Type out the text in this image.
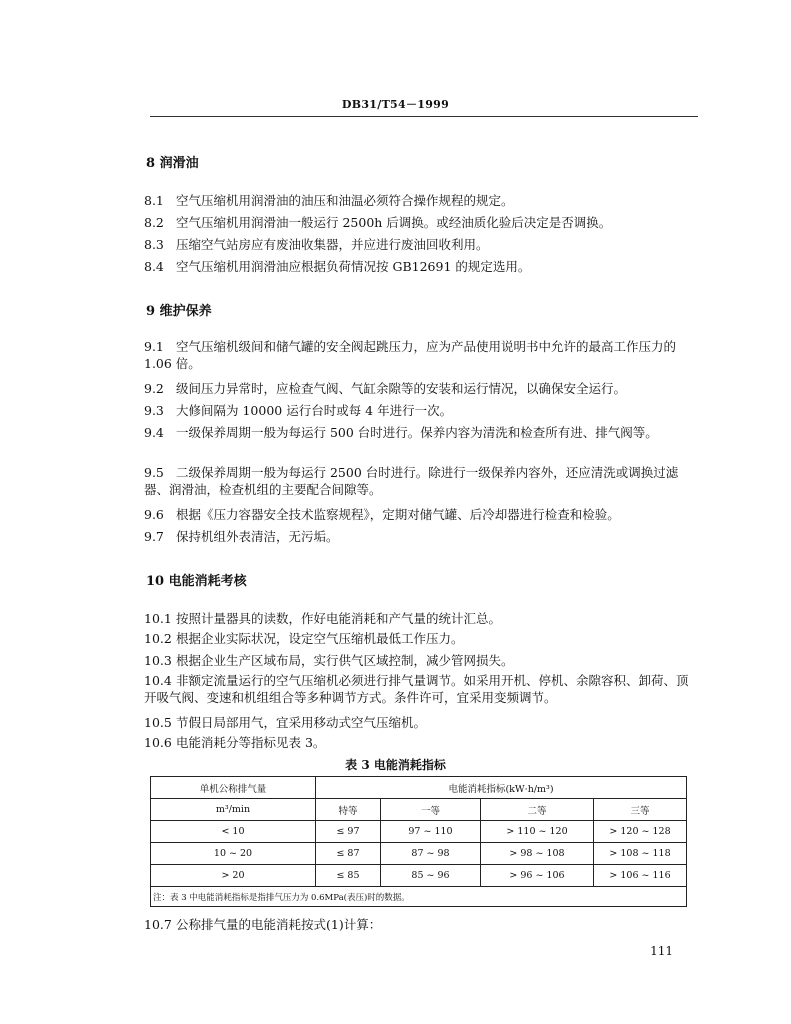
DB31/T54－1999
8 润滑油
8.1 空气压缩机用润滑油的油压和油温必须符合操作规程的规定。
8.2 空气压缩机用润滑油一般运行 2500h 后调换。或经油质化验后决定是否调换。
8.3 压缩空气站房应有废油收集器，并应进行废油回收利用。
8.4 空气压缩机用润滑油应根据负荷情况按 GB12691 的规定选用。
9 维护保养
9.1 空气压缩机级间和储气罐的安全阀起跳压力，应为产品使用说明书中允许的最高工作压力的 1.06 倍。
9.2 级间压力异常时，应检查气阀、气缸余隙等的安装和运行情况，以确保安全运行。
9.3 大修间隔为 10000 运行台时或每 4 年进行一次。
9.4 一级保养周期一般为每运行 500 台时进行。保养内容为清洗和检查所有进、排气阀等。
9.5 二级保养周期一般为每运行 2500 台时进行。除进行一级保养内容外，还应清洗或调换过滤器、润滑油，检查机组的主要配合间隙等。
9.6 根据《压力容器安全技术监察规程》，定期对储气罐、后冷却器进行检查和检验。
9.7 保持机组外表清洁，无污垢。
10 电能消耗考核
10.1 按照计量器具的读数，作好电能消耗和产气量的统计汇总。
10.2 根据企业实际状况，设定空气压缩机最低工作压力。
10.3 根据企业生产区域布局，实行供气区域控制，减少管网损失。
10.4 非额定流量运行的空气压缩机必须进行排气量调节。如采用开机、停机、余隙容积、卸荷、顶开吸气阀、变速和机组组合等多种调节方式。条件许可，宜采用变频调节。
10.5 节假日局部用气，宜采用移动式空气压缩机。
10.6 电能消耗分等指标见表 3。
表 3 电能消耗指标
单机公称排气量	电能消耗指标(kW·h/m³)			
m³/min	特等	一等	二等	三等
< 10	≤ 97	97 ~ 110	> 110 ~ 120	> 120 ~ 128
10 ~ 20	≤ 87	87 ~ 98	> 98 ~ 108	> 108 ~ 118
> 20	≤ 85	85 ~ 96	> 96 ~ 106	> 106 ~ 116
注：表 3 中电能消耗指标是指排气压力为 0.6MPa(表压)时的数据。				
10.7 公称排气量的电能消耗按式(1)计算：
111
